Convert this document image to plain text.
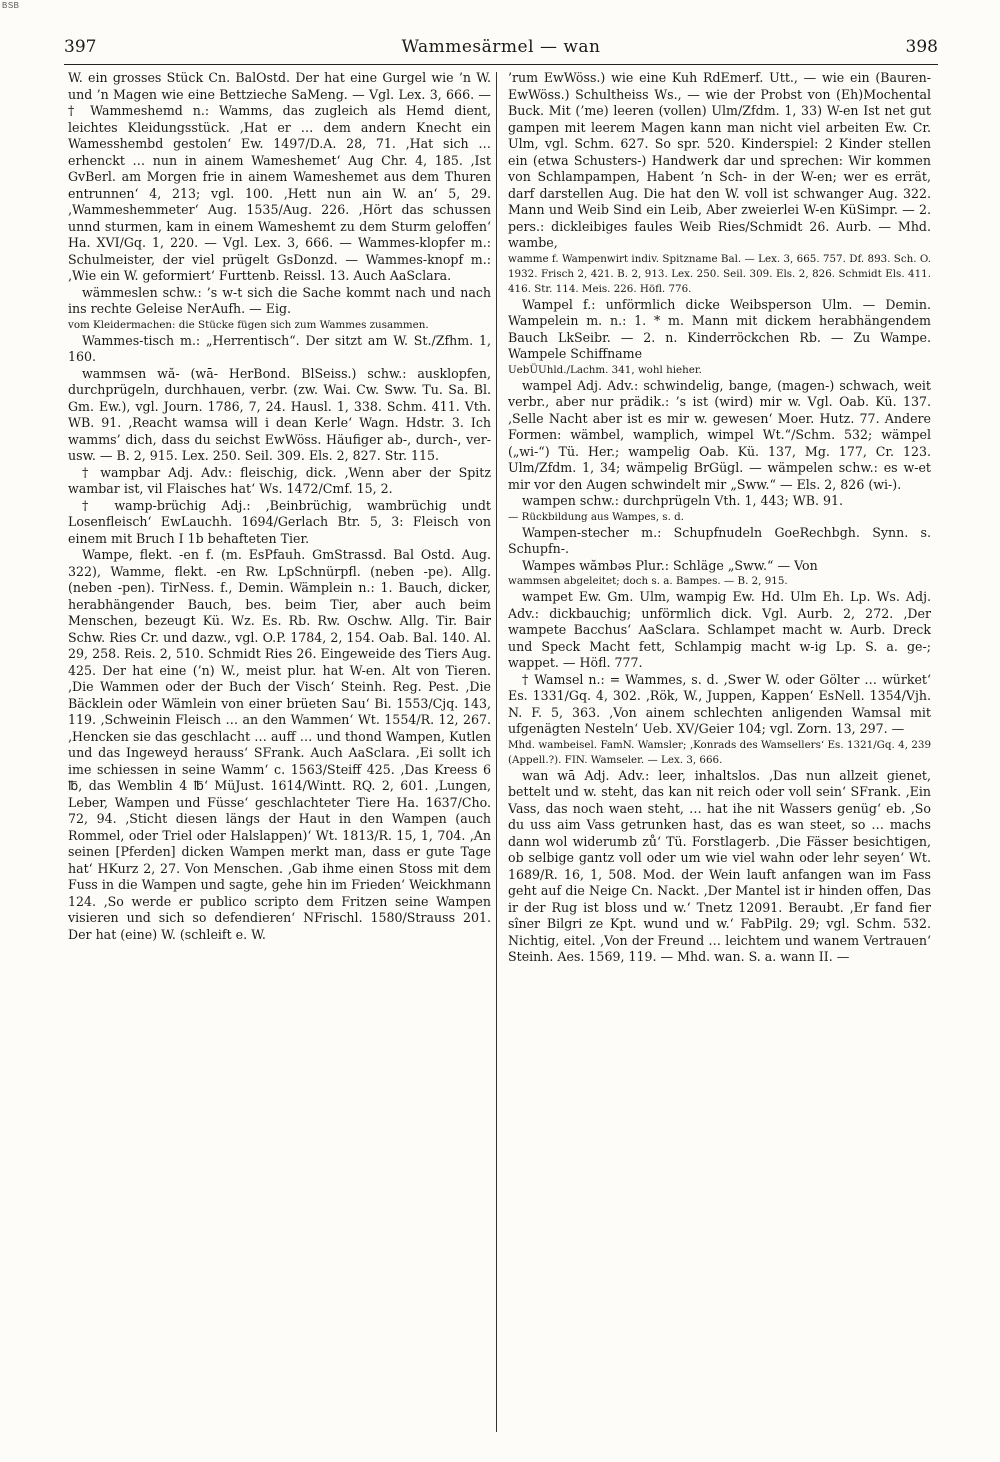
BSB
397	Wammesärmel — wan	398

W. ein grosses Stück Cn. BalOstd. Der hat eine Gurgel wie ’n W. und ’n Magen wie eine Bettzieche SaMeng. — Vgl. Lex. 3, 666. — † Wammeshemd n.: Wamms, das zugleich als Hemd dient, leichtes Kleidungsstück. ‚Hat er … dem andern Knecht ein Wamesshembd gestolen‘ Ew. 1497/D.A. 28, 71. ‚Hat sich … erhenckt … nun in ainem Wameshemet‘ Aug Chr. 4, 185. ‚Ist GvBerl. am Morgen frie in ainem Wameshemet aus dem Thuren entrunnen‘ 4, 213; vgl. 100. ‚Hett nun ain W. an‘ 5, 29. ‚Wammeshemmeter‘ Aug. 1535/Aug. 226. ‚Hört das schussen unnd sturmen, kam in einem Wameshemt zu dem Sturm geloffen‘ Ha. XVI/Gq. 1, 220. — Vgl. Lex. 3, 666. — Wammes-klopfer m.: Schulmeister, der viel prügelt GsDonzd. — Wammes-knopf m.: ‚Wie ein W. geformiert‘ Furttenb. Reissl. 13. Auch AaSclara.

wämmeslen schw.: ’s w-t sich die Sache kommt nach und nach ins rechte Geleise NerAufh. — Eig.

vom Kleidermachen: die Stücke fügen sich zum Wammes zusammen.

Wammes-tisch m.: „Herrentisch“. Der sitzt am W. St./Zfhm. 1, 160.

wammsen wă- (wā- HerBond. BlSeiss.) schw.: ausklopfen, durchprügeln, durchhauen, verbr. (zw. Wai. Cw. Sww. Tu. Sa. Bl. Gm. Ew.), vgl. Journ. 1786, 7, 24. Hausl. 1, 338. Schm. 411. Vth. WB. 91. ‚Reacht wamsa will i dean Kerle‘ Wagn. Hdstr. 3. Ich wamms’ dich, dass du seichst EwWöss. Häufiger ab-, durch-, ver- usw. — B. 2, 915. Lex. 250. Seil. 309. Els. 2, 827. Str. 115.

† wampbar Adj. Adv.: fleischig, dick. ‚Wenn aber der Spitz wambar ist, vil Flaisches hat‘ Ws. 1472/Cmf. 15, 2.

† wamp-brüchig Adj.: ‚Beinbrüchig, wambrüchig undt Losenfleisch‘ EwLauchh. 1694/Gerlach Btr. 5, 3: Fleisch von einem mit Bruch I 1b behafteten Tier.

Wampe, flekt. -en f. (m. EsPfauh. GmStrassd. Bal Ostd. Aug. 322), Wamme, flekt. -en Rw. LpSchnürpfl. (neben -pe). Allg. (neben -pen). TirNess. f., Demin. Wämplein n.: 1. Bauch, dicker, herabhängender Bauch, bes. beim Tier, aber auch beim Menschen, bezeugt Kü. Wz. Es. Rb. Rw. Oschw. Allg. Tir. Bair Schw. Ries Cr. und dazw., vgl. O.P. 1784, 2, 154. Oab. Bal. 140. Al. 29, 258. Reis. 2, 510. Schmidt Ries 26. Eingeweide des Tiers Aug. 425. Der hat eine (’n) W., meist plur. hat W-en. Alt von Tieren. ‚Die Wammen oder der Buch der Visch‘ Steinh. Reg. Pest. ‚Die Bäcklein oder Wämlein von einer brüeten Sau‘ Bi. 1553/Cjq. 143, 119. ‚Schweinin Fleisch … an den Wammen‘ Wt. 1554/R. 12, 267. ‚Hencken sie das geschlacht … auff … und thond Wampen, Kutlen und das Ingeweyd herauss‘ SFrank. Auch AaSclara. ‚Ei sollt ich ime schiessen in seine Wamm‘ c. 1563/Steiff 425. ‚Das Kreess 6 ℔, das Wemblin 4 ℔‘ MüJust. 1614/Wintt. RQ. 2, 601. ‚Lungen, Leber, Wampen und Füsse‘ geschlachteter Tiere Ha. 1637/Cho. 72, 94. ‚Sticht diesen längs der Haut in den Wampen (auch Rommel, oder Triel oder Halslappen)‘ Wt. 1813/R. 15, 1, 704. ‚An seinen [Pferden] dicken Wampen merkt man, dass er gute Tage hat‘ HKurz 2, 27. Von Menschen. ‚Gab ihme einen Stoss mit dem Fuss in die Wampen und sagte, gehe hin im Frieden‘ Weickhmann 124. ‚So werde er publico scripto dem Fritzen seine Wampen visieren und sich so defendieren‘ NFrischl. 1580/Strauss 201. Der hat (eine) W. (schleift e. W.

’rum EwWöss.) wie eine Kuh RdEmerf. Utt., — wie ein (Bauren- EwWöss.) Schultheiss Ws., — wie der Probst von (Eh)Mochental Buck. Mit (’me) leeren (vollen) Ulm/Zfdm. 1, 33) W-en Ist net gut gampen mit leerem Magen kann man nicht viel arbeiten Ew. Cr. Ulm, vgl. Schm. 627. So spr. 520. Kinderspiel: 2 Kinder stellen ein (etwa Schusters-) Handwerk dar und sprechen: Wir kommen von Schlampampen, Habent ’n Sch- in der W-en; wer es errät, darf darstellen Aug. Die hat den W. voll ist schwanger Aug. 322. Mann und Weib Sind ein Leib, Aber zweierlei W-en KüSimpr. — 2. pers.: dickleibiges faules Weib Ries/Schmidt 26. Aurb. — Mhd. wambe,

wamme f. Wampenwirt indiv. Spitzname Bal. — Lex. 3, 665. 757. Df. 893. Sch. O. 1932. Frisch 2, 421. B. 2, 913. Lex. 250. Seil. 309. Els. 2, 826. Schmidt Els. 411. 416. Str. 114. Meis. 226. Höfl. 776.

Wampel f.: unförmlich dicke Weibsperson Ulm. — Demin. Wampelein m. n.: 1. * m. Mann mit dickem herabhängendem Bauch LkSeibr. — 2. n. Kinderröckchen Rb. — Zu Wampe. Wampele Schiffname

UebÜUhld./Lachm. 341, wohl hieher.

wampel Adj. Adv.: schwindelig, bange, (magen-) schwach, weit verbr., aber nur prädik.: ’s ist (wird) mir w. Vgl. Oab. Kü. 137. ‚Selle Nacht aber ist es mir w. gewesen‘ Moer. Hutz. 77. Andere Formen: wämbel, wamplich, wimpel Wt.“/Schm. 532; wämpel („wi-“) Tü. Her.; wampelig Oab. Kü. 137, Mg. 177, Cr. 123. Ulm/Zfdm. 1, 34; wämpelig BrGügl. — wämpelen schw.: es w-et mir vor den Augen schwindelt mir „Sww.“ — Els. 2, 826 (wi-).

wampen schw.: durchprügeln Vth. 1, 443; WB. 91.

— Rückbildung aus Wampes, s. d.

Wampen-stecher m.: Schupfnudeln GoeRechbgh. Synn. s. Schupfn-.

Wampes wămbəs Plur.: Schläge „Sww.“ — Von

wammsen abgeleitet; doch s. a. Bampes. — B. 2, 915.

wampet Ew. Gm. Ulm, wampig Ew. Hd. Ulm Eh. Lp. Ws. Adj. Adv.: dickbauchig; unförmlich dick. Vgl. Aurb. 2, 272. ‚Der wampete Bacchus‘ AaSclara. Schlampet macht w. Aurb. Dreck und Speck Macht fett, Schlampig macht w-ig Lp. S. a. ge-; wappet. — Höfl. 777.

† Wamsel n.: = Wammes, s. d. ‚Swer W. oder Gölter … würket‘ Es. 1331/Gq. 4, 302. ‚Rök, W., Juppen, Kappen‘ EsNell. 1354/Vjh. N. F. 5, 363. ‚Von ainem schlechten anligenden Wamsal mit ufgenägten Nesteln‘ Ueb. XV/Geier 104; vgl. Zorn. 13, 297. —

Mhd. wambeisel. FamN. Wamsler; ‚Konrads des Wamsellers‘ Es. 1321/Gq. 4, 239 (Appell.?). FIN. Wamseler. — Lex. 3, 666.

wan wā Adj. Adv.: leer, inhaltslos. ‚Das nun allzeit gienet, bettelt und w. steht, das kan nit reich oder voll sein‘ SFrank. ‚Ein Vass, das noch waen steht, … hat ihe nit Wassers genüg‘ eb. ‚So du uss aim Vass getrunken hast, das es wan steet, so … machs dann wol widerumb zů‘ Tü. Forstlagerb. ‚Die Fässer besichtigen, ob selbige gantz voll oder um wie viel wahn oder lehr seyen‘ Wt. 1689/R. 16, 1, 508. Mod. der Wein lauft anfangen wan im Fass geht auf die Neige Cn. Nackt. ‚Der Mantel ist ir hinden offen, Das ir der Rug ist bloss und w.‘ Tnetz 12091. Beraubt. ‚Er fand fier sîner Bilgri ze Kpt. wund und w.‘ FabPilg. 29; vgl. Schm. 532. Nichtig, eitel. ‚Von der Freund … leichtem und wanem Vertrauen‘ Steinh. Aes. 1569, 119. — Mhd. wan. S. a. wann II. —
